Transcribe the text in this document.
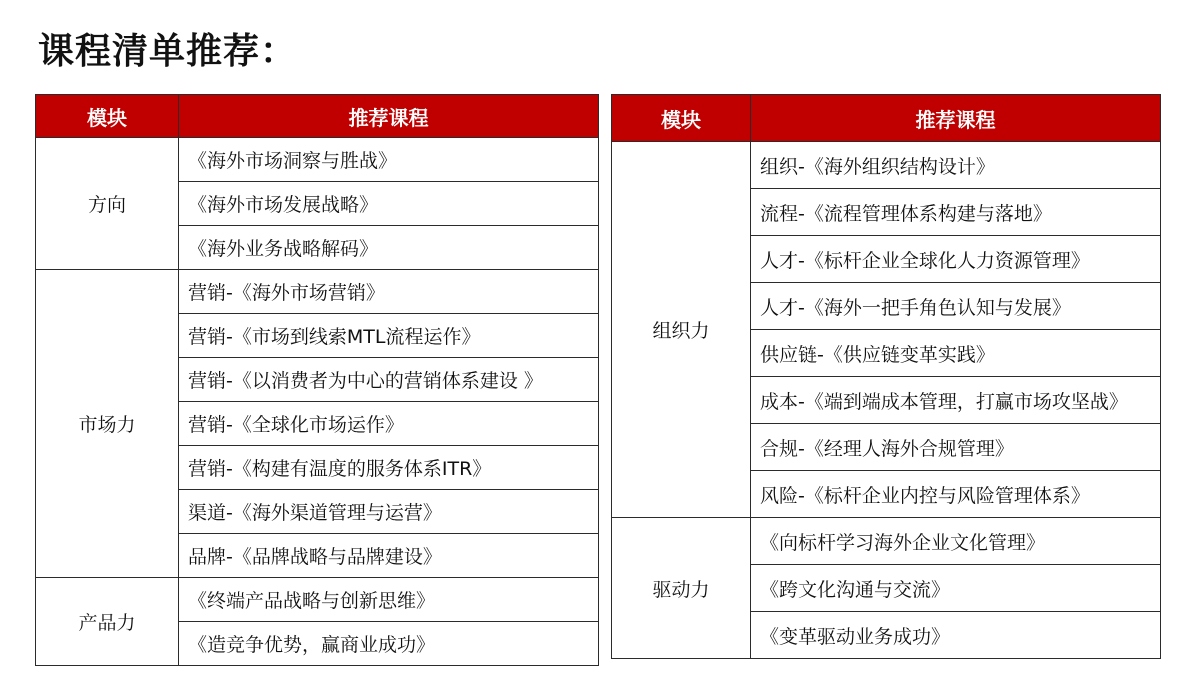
课程清单推荐：
模块	推荐课程
方向	《海外市场洞察与胜战》
	《海外市场发展战略》
	《海外业务战略解码》
市场力	营销-《海外市场营销》
	营销-《市场到线索MTL流程运作》
	营销-《以消费者为中心的营销体系建设 》
	营销-《全球化市场运作》
	营销-《构建有温度的服务体系ITR》
	渠道-《海外渠道管理与运营》
	品牌-《品牌战略与品牌建设》
产品力	《终端产品战略与创新思维》
	《造竞争优势，赢商业成功》
模块	推荐课程
组织力	组织-《海外组织结构设计》
	流程-《流程管理体系构建与落地》
	人才-《标杆企业全球化人力资源管理》
	人才-《海外一把手角色认知与发展》
	供应链-《供应链变革实践》
	成本-《端到端成本管理，打赢市场攻坚战》
	合规-《经理人海外合规管理》
	风险-《标杆企业内控与风险管理体系》
驱动力	《向标杆学习海外企业文化管理》
	《跨文化沟通与交流》
	《变革驱动业务成功》
